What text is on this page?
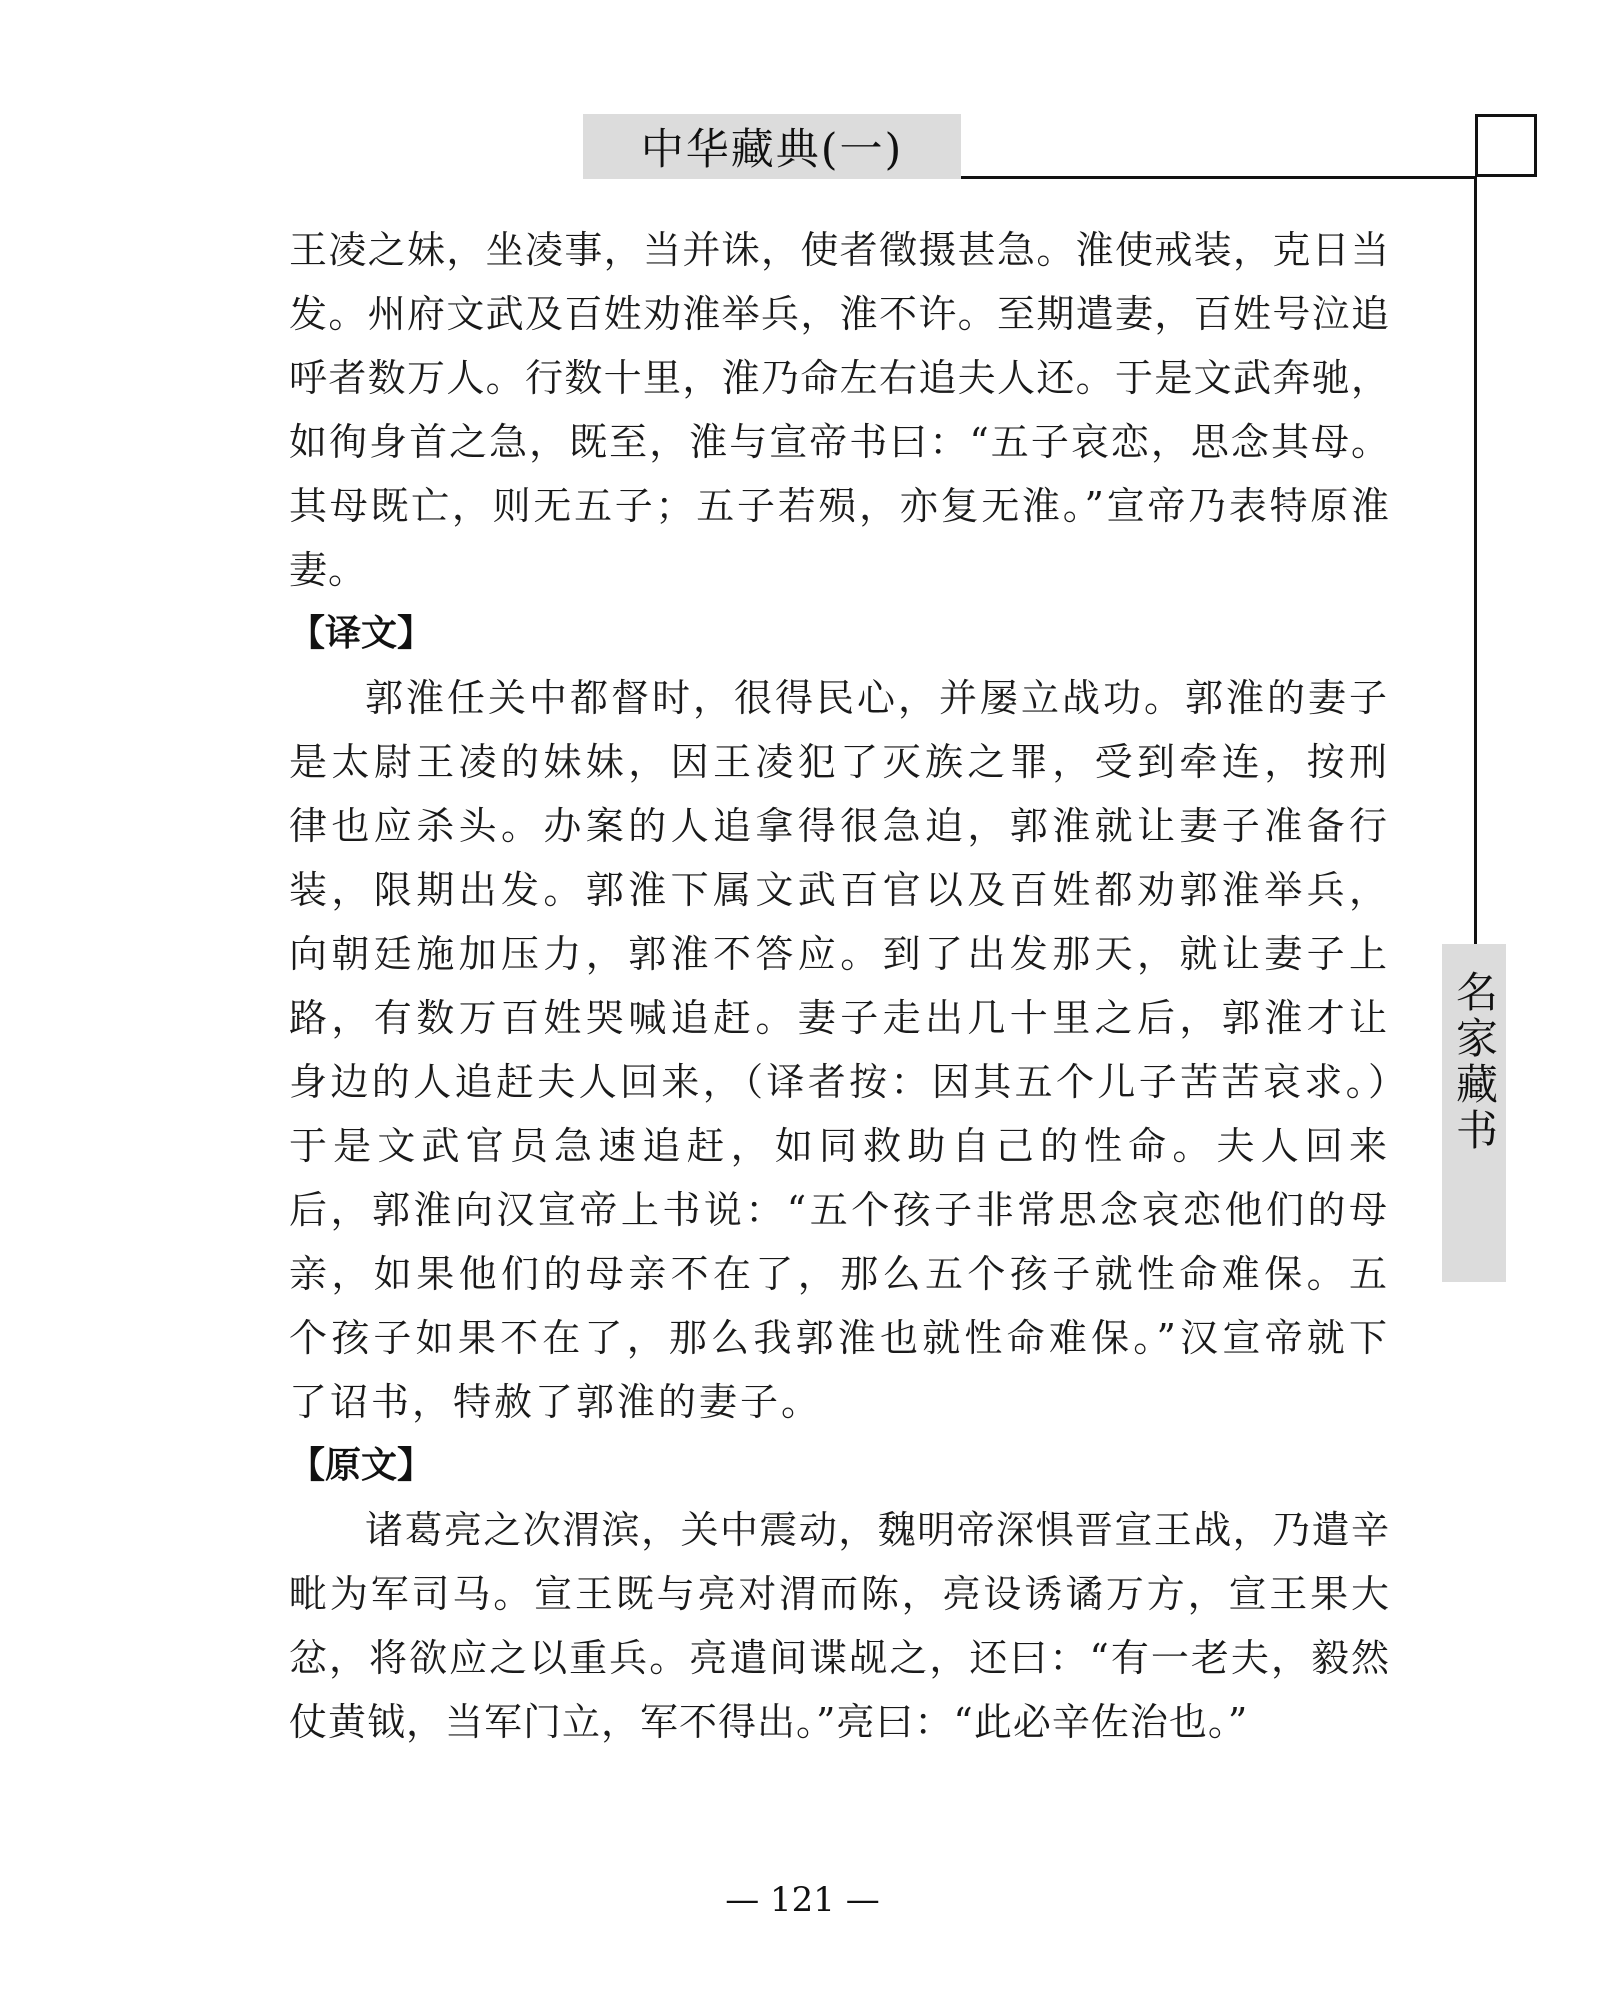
中华藏典(一)
名家藏书

王凌之妹，坐凌事，当并诛，使者徵摄甚急。淮使戒装，克日当发。州府文武及百姓劝淮举兵，淮不许。至期遣妻，百姓号泣追呼者数万人。行数十里，淮乃命左右追夫人还。于是文武奔驰，如徇身首之急，既至，淮与宣帝书曰：“五子哀恋，思念其母。其母既亡，则无五子；五子若殒，亦复无淮。”宣帝乃表特原淮妻。

【译文】

郭淮任关中都督时，很得民心，并屡立战功。郭淮的妻子是太尉王凌的妹妹，因王凌犯了灭族之罪，受到牵连，按刑律也应杀头。办案的人追拿得很急迫，郭淮就让妻子准备行装，限期出发。郭淮下属文武百官以及百姓都劝郭淮举兵，向朝廷施加压力，郭淮不答应。到了出发那天，就让妻子上路，有数万百姓哭喊追赶。妻子走出几十里之后，郭淮才让身边的人追赶夫人回来，（译者按：因其五个儿子苦苦哀求。）于是文武官员急速追赶，如同救助自己的性命。夫人回来后，郭淮向汉宣帝上书说：“五个孩子非常思念哀恋他们的母亲，如果他们的母亲不在了，那么五个孩子就性命难保。五个孩子如果不在了，那么我郭淮也就性命难保。”汉宣帝就下了诏书，特赦了郭淮的妻子。

【原文】

诸葛亮之次渭滨，关中震动，魏明帝深惧晋宣王战，乃遣辛毗为军司马。宣王既与亮对渭而陈，亮设诱谲万方，宣王果大忿，将欲应之以重兵。亮遣间谍觇之，还曰：“有一老夫，毅然仗黄钺，当军门立，军不得出。”亮曰：“此必辛佐治也。”

— 121 —
